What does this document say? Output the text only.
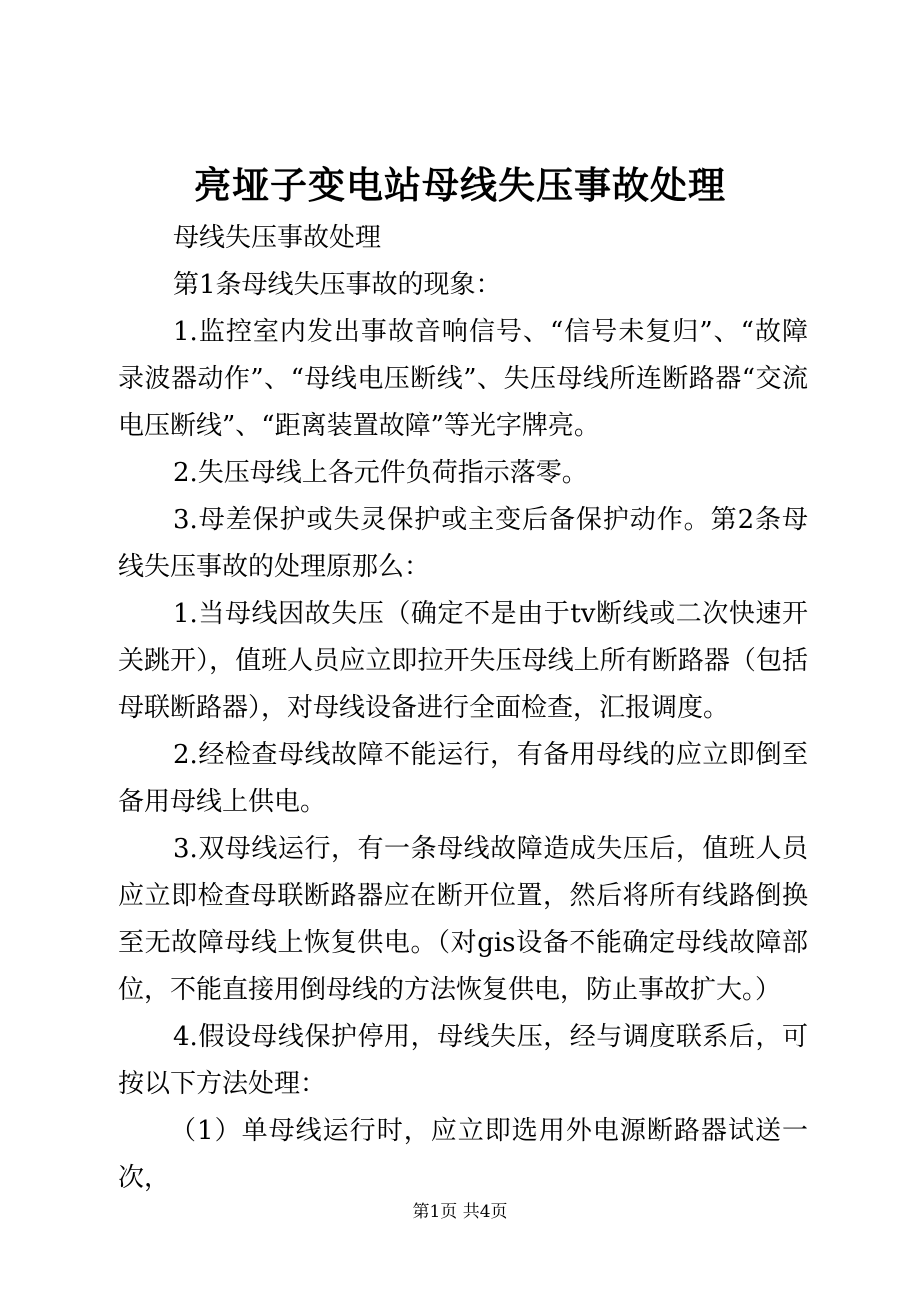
亮垭子变电站母线失压事故处理

母线失压事故处理

第1条母线失压事故的现象：

1.监控室内发出事故音响信号、“信号未复归”、“故障录波器动作”、“母线电压断线”、失压母线所连断路器“交流电压断线”、“距离装置故障”等光字牌亮。

2.失压母线上各元件负荷指示落零。

3.母差保护或失灵保护或主变后备保护动作。第2条母线失压事故的处理原那么：

1.当母线因故失压（确定不是由于tv断线或二次快速开关跳开），值班人员应立即拉开失压母线上所有断路器（包括母联断路器），对母线设备进行全面检查，汇报调度。

2.经检查母线故障不能运行，有备用母线的应立即倒至备用母线上供电。

3.双母线运行，有一条母线故障造成失压后，值班人员应立即检查母联断路器应在断开位置，然后将所有线路倒换至无故障母线上恢复供电。（对gis设备不能确定母线故障部位，不能直接用倒母线的方法恢复供电，防止事故扩大。）

4.假设母线保护停用，母线失压，经与调度联系后，可按以下方法处理：

（1）单母线运行时，应立即选用外电源断路器试送一次，

第1页 共4页
